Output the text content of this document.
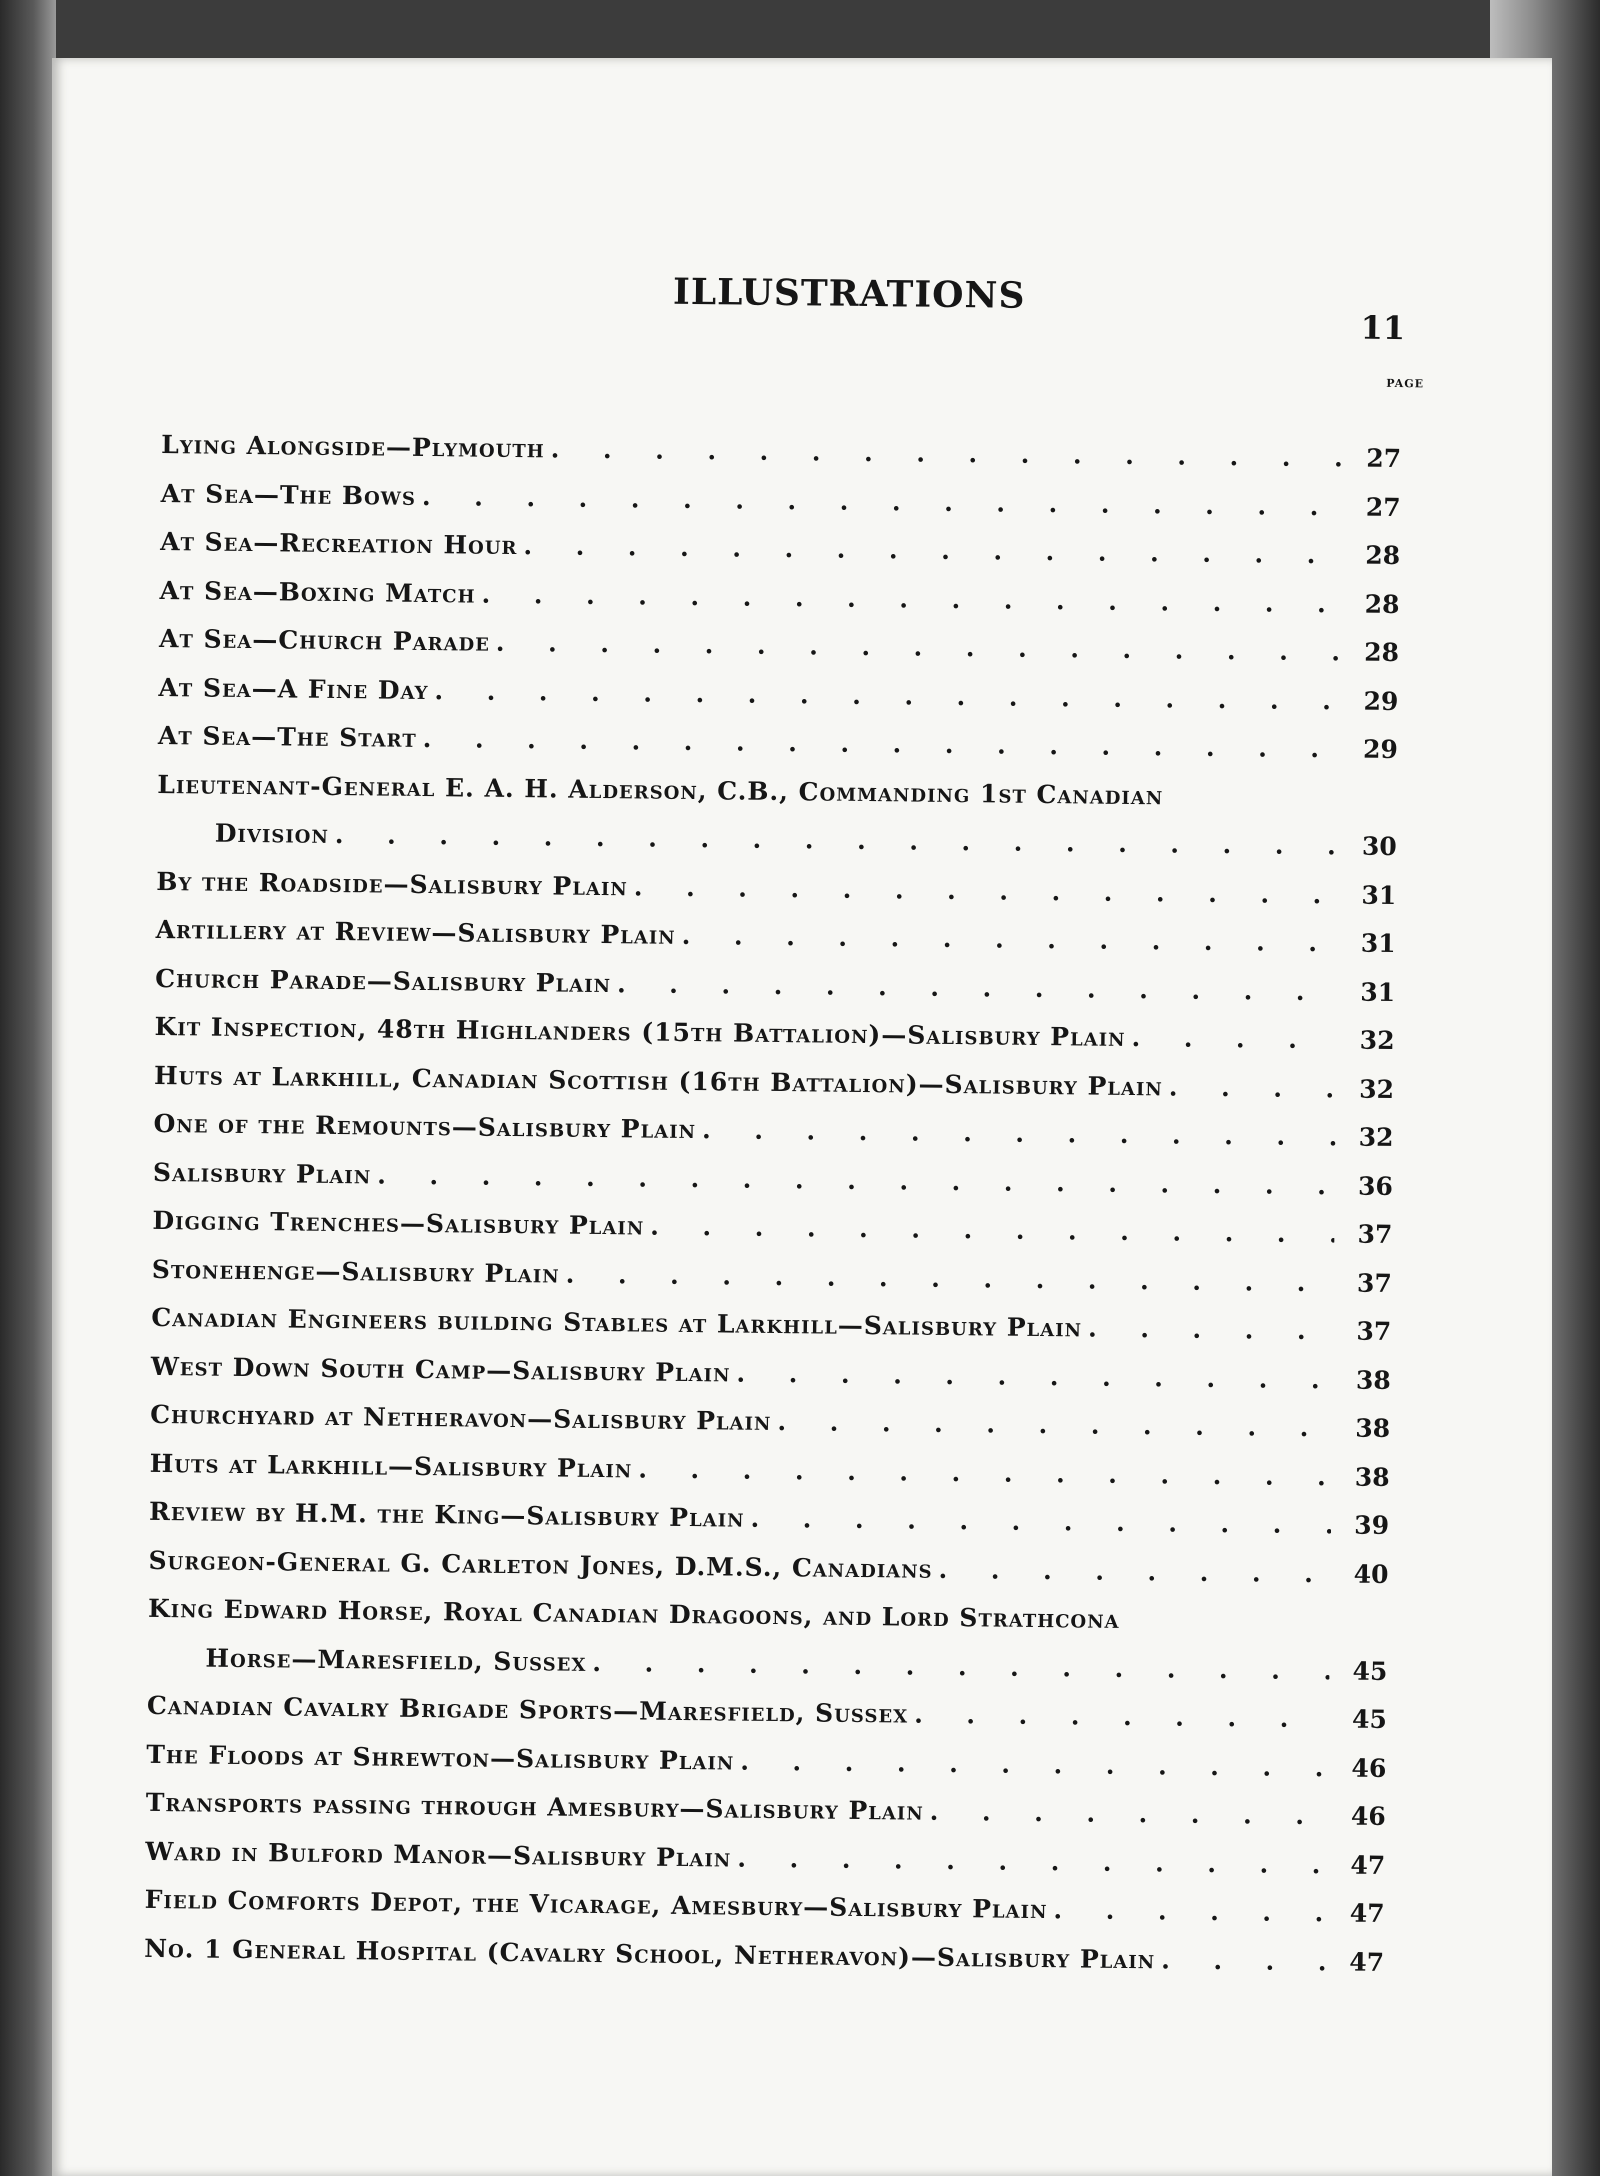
ILLUSTRATIONS
11
PAGE
Lying Alongside—Plymouth .	27
At Sea—The Bows .	27
At Sea—Recreation Hour .	28
At Sea—Boxing Match .	28
At Sea—Church Parade .	28
At Sea—A Fine Day .	29
At Sea—The Start .	29
Lieutenant-General E. A. H. Alderson, C.B., Commanding 1st Canadian
Division .	30
By the Roadside—Salisbury Plain .	31
Artillery at Review—Salisbury Plain .	31
Church Parade—Salisbury Plain .	31
Kit Inspection, 48th Highlanders (15th Battalion)—Salisbury Plain .	32
Huts at Larkhill, Canadian Scottish (16th Battalion)—Salisbury Plain .	32
One of the Remounts—Salisbury Plain .	32
Salisbury Plain .	36
Digging Trenches—Salisbury Plain .	37
Stonehenge—Salisbury Plain .	37
Canadian Engineers building Stables at Larkhill—Salisbury Plain .	37
West Down South Camp—Salisbury Plain .	38
Churchyard at Netheravon—Salisbury Plain .	38
Huts at Larkhill—Salisbury Plain .	38
Review by H.M. the King—Salisbury Plain .	39
Surgeon-General G. Carleton Jones, D.M.S., Canadians .	40
King Edward Horse, Royal Canadian Dragoons, and Lord Strathcona
Horse—Maresfield, Sussex .	45
Canadian Cavalry Brigade Sports—Maresfield, Sussex .	45
The Floods at Shrewton—Salisbury Plain .	46
Transports passing through Amesbury—Salisbury Plain .	46
Ward in Bulford Manor—Salisbury Plain .	47
Field Comforts Depot, the Vicarage, Amesbury—Salisbury Plain .	47
No. 1 General Hospital (Cavalry School, Netheravon)—Salisbury Plain .	47
